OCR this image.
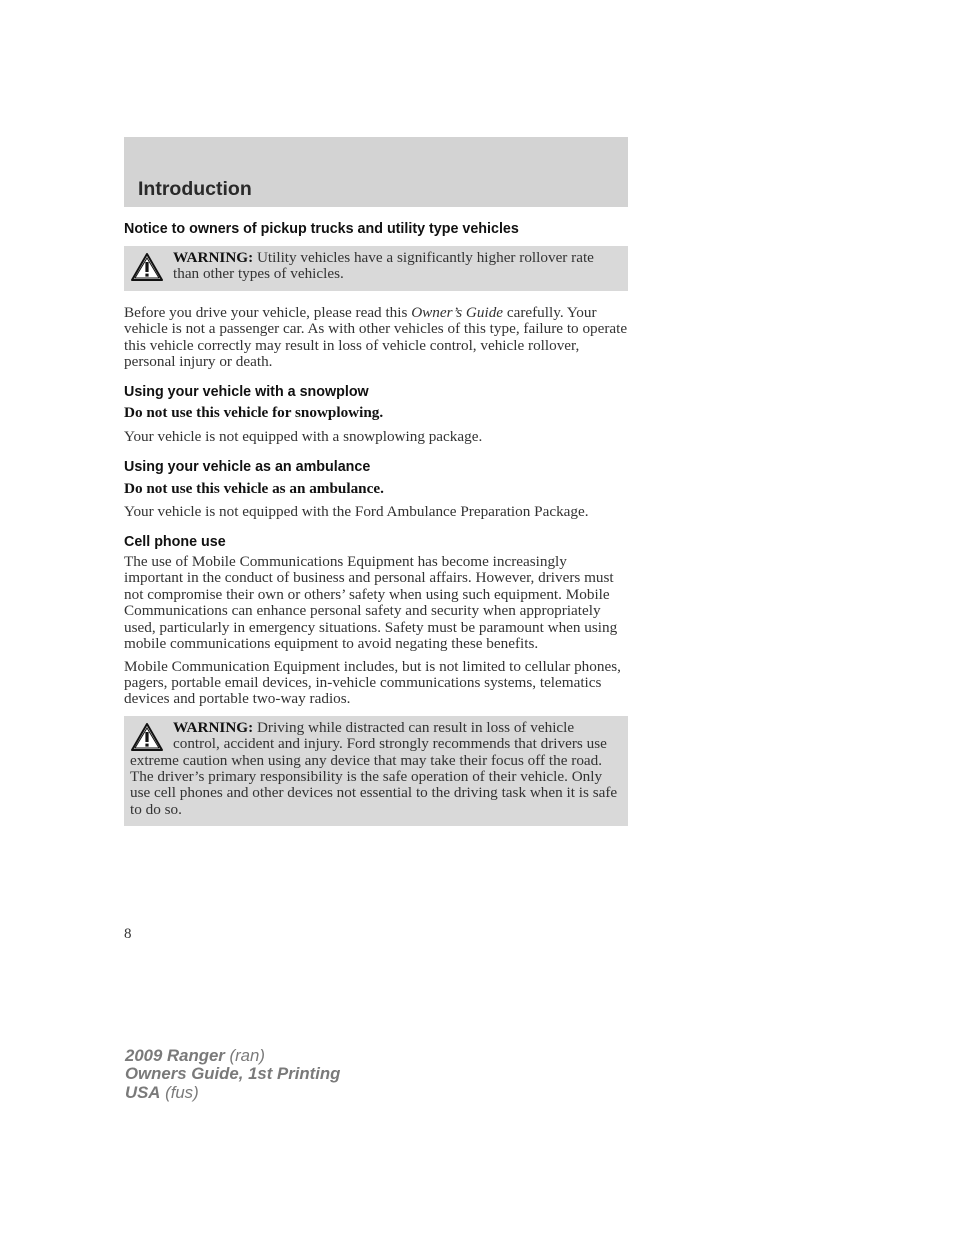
Introduction
Notice to owners of pickup trucks and utility type vehicles
WARNING: Utility vehicles have a significantly higher rollover rate than other types of vehicles.

Before you drive your vehicle, please read this Owner’s Guide carefully. Your vehicle is not a passenger car. As with other vehicles of this type, failure to operate this vehicle correctly may result in loss of vehicle control, vehicle rollover, personal injury or death.

Using your vehicle with a snowplow

Do not use this vehicle for snowplowing.

Your vehicle is not equipped with a snowplowing package.

Using your vehicle as an ambulance

Do not use this vehicle as an ambulance.

Your vehicle is not equipped with the Ford Ambulance Preparation Package.

Cell phone use

The use of Mobile Communications Equipment has become increasingly important in the conduct of business and personal affairs. However, drivers must not compromise their own or others’ safety when using such equipment. Mobile Communications can enhance personal safety and security when appropriately used, particularly in emergency situations. Safety must be paramount when using mobile communications equipment to avoid negating these benefits.

Mobile Communication Equipment includes, but is not limited to cellular phones, pagers, portable email devices, in-vehicle communications systems, telematics devices and portable two-way radios.

WARNING: Driving while distracted can result in loss of vehicle control, accident and injury. Ford strongly recommends that drivers use extreme caution when using any device that may take their focus off the road. The driver’s primary responsibility is the safe operation of their vehicle. Only use cell phones and other devices not essential to the driving task when it is safe to do so.
8
2009 Ranger (ran)
Owners Guide, 1st Printing
USA (fus)
